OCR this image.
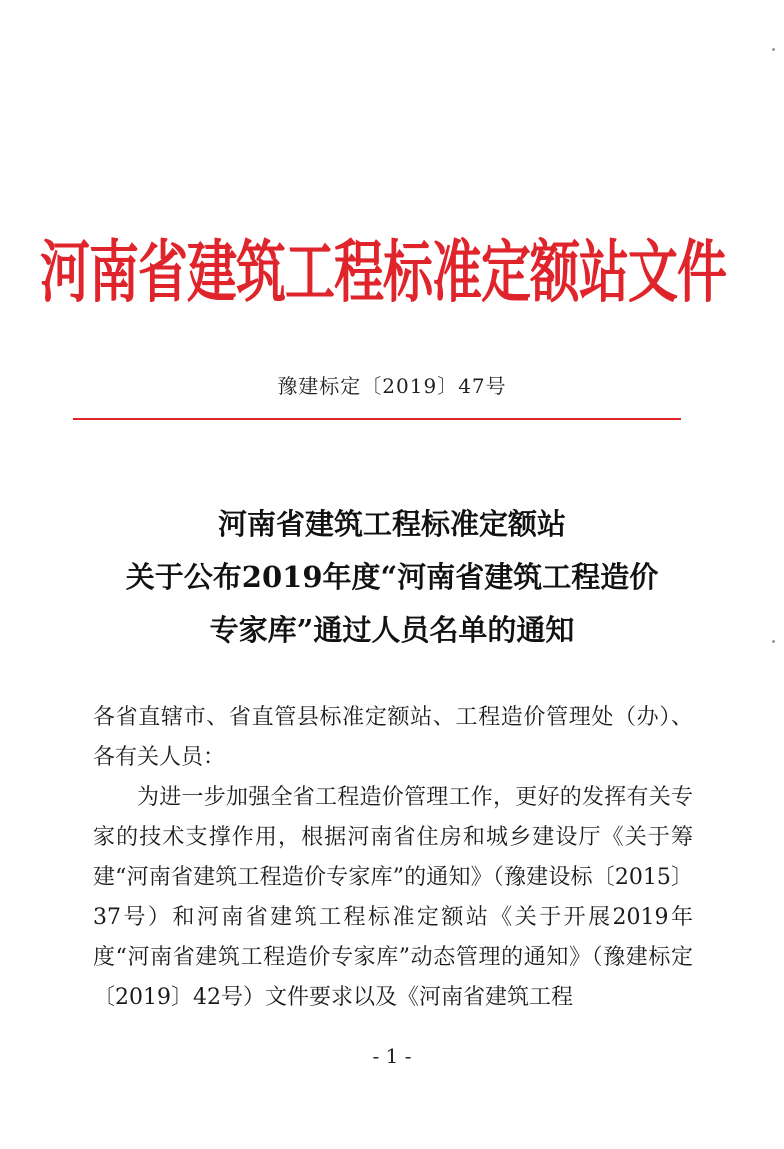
河南省建筑工程标准定额站文件
豫建标定〔2019〕47号
河南省建筑工程标准定额站
关于公布2019年度“河南省建筑工程造价
专家库”通过人员名单的通知

各省直辖市、省直管县标准定额站、工程造价管理处（办）、各有关人员：

为进一步加强全省工程造价管理工作，更好的发挥有关专家的技术支撑作用，根据河南省住房和城乡建设厅《关于筹建“河南省建筑工程造价专家库”的通知》（豫建设标〔2015〕37号）和河南省建筑工程标准定额站《关于开展2019年度“河南省建筑工程造价专家库”动态管理的通知》（豫建标定〔2019〕42号）文件要求以及《河南省建筑工程

- 1 -
